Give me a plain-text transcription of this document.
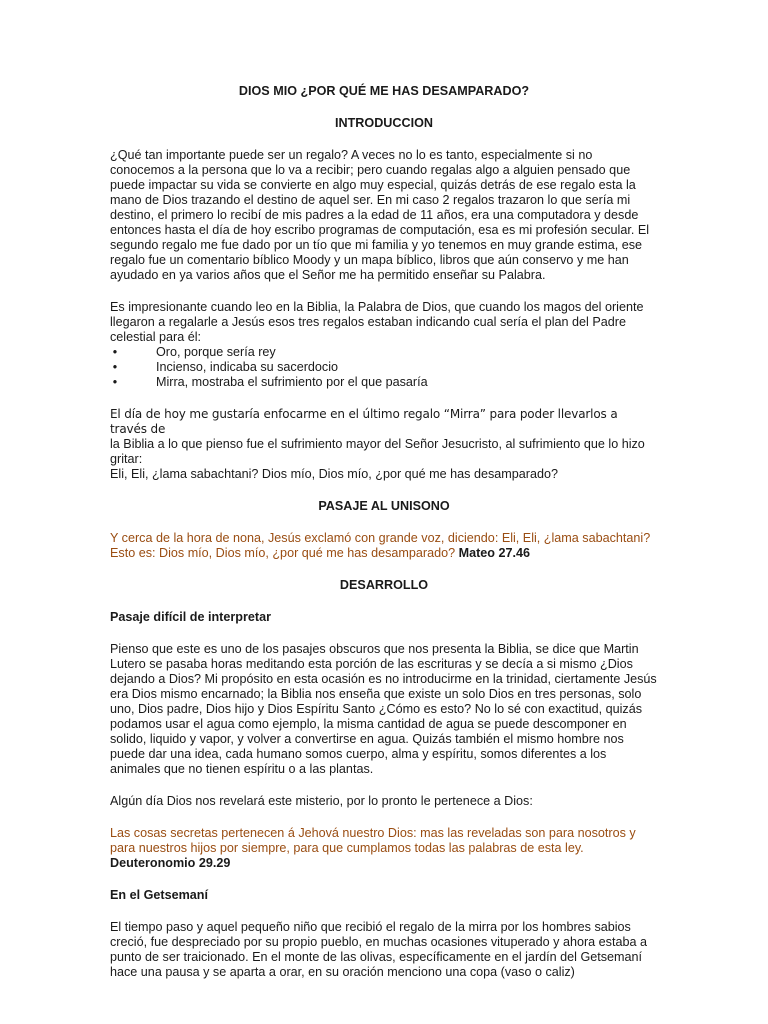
DIOS MIO ¿POR QUÉ ME HAS DESAMPARADO?
INTRODUCCION

¿Qué tan importante puede ser un regalo? A veces no lo es tanto, especialmente si no conocemos a la persona que lo va a recibir; pero cuando regalas algo a alguien pensado que puede impactar su vida se convierte en algo muy especial, quizás detrás de ese regalo esta la mano de Dios trazando el destino de aquel ser. En mi caso 2 regalos trazaron lo que sería mi destino, el primero lo recibí de mis padres a la edad de 11 años, era una computadora y desde entonces hasta el día de hoy escribo programas de computación, esa es mi profesión secular. El segundo regalo me fue dado por un tío que mi familia y yo tenemos en muy grande estima, ese regalo fue un comentario bíblico Moody y un mapa bíblico, libros que aún conservo y me han ayudado en ya varios años que el Señor me ha permitido enseñar su Palabra.

Es impresionante cuando leo en la Biblia, la Palabra de Dios, que cuando los magos del oriente llegaron a regalarle a Jesús esos tres regalos estaban indicando cual sería el plan del Padre celestial para él:

•	Oro, porque sería rey
•	Incienso, indicaba su sacerdocio
•	Mirra, mostraba el sufrimiento por el que pasaría
El día de hoy me gustaría enfocarme en el último regalo “Mirra” para poder llevarlos a través de
la Biblia a lo que pienso fue el sufrimiento mayor del Señor Jesucristo, al sufrimiento que lo hizo gritar:
Eli, Eli, ¿lama sabachtani? Dios mío, Dios mío, ¿por qué me has desamparado?
PASAJE AL UNISONO

Y cerca de la hora de nona, Jesús exclamó con grande voz, diciendo: Eli, Eli, ¿lama sabachtani? Esto es: Dios mío, Dios mío, ¿por qué me has desamparado? Mateo 27.46

DESARROLLO
Pasaje difícil de interpretar

Pienso que este es uno de los pasajes obscuros que nos presenta la Biblia, se dice que Martin Lutero se pasaba horas meditando esta porción de las escrituras y se decía a si mismo ¿Dios dejando a Dios? Mi propósito en esta ocasión es no introducirme en la trinidad, ciertamente Jesús era Dios mismo encarnado; la Biblia nos enseña que existe un solo Dios en tres personas, solo uno, Dios padre, Dios hijo y Dios Espíritu Santo ¿Cómo es esto? No lo sé con exactitud, quizás podamos usar el agua como ejemplo, la misma cantidad de agua se puede descomponer en solido, liquido y vapor, y volver a convertirse en agua. Quizás también el mismo hombre nos puede dar una idea, cada humano somos cuerpo, alma y espíritu, somos diferentes a los animales que no tienen espíritu o a las plantas.

Algún día Dios nos revelará este misterio, por lo pronto le pertenece a Dios:

Las cosas secretas pertenecen á Jehová nuestro Dios: mas las reveladas son para nosotros y para nuestros hijos por siempre, para que cumplamos todas las palabras de esta ley. Deuteronomio 29.29

En el Getsemaní

El tiempo paso y aquel pequeño niño que recibió el regalo de la mirra por los hombres sabios creció, fue despreciado por su propio pueblo, en muchas ocasiones vituperado y ahora estaba a punto de ser traicionado. En el monte de las olivas, específicamente en el jardín del Getsemaní hace una pausa y se aparta a orar, en su oración menciono una copa (vaso o caliz)
